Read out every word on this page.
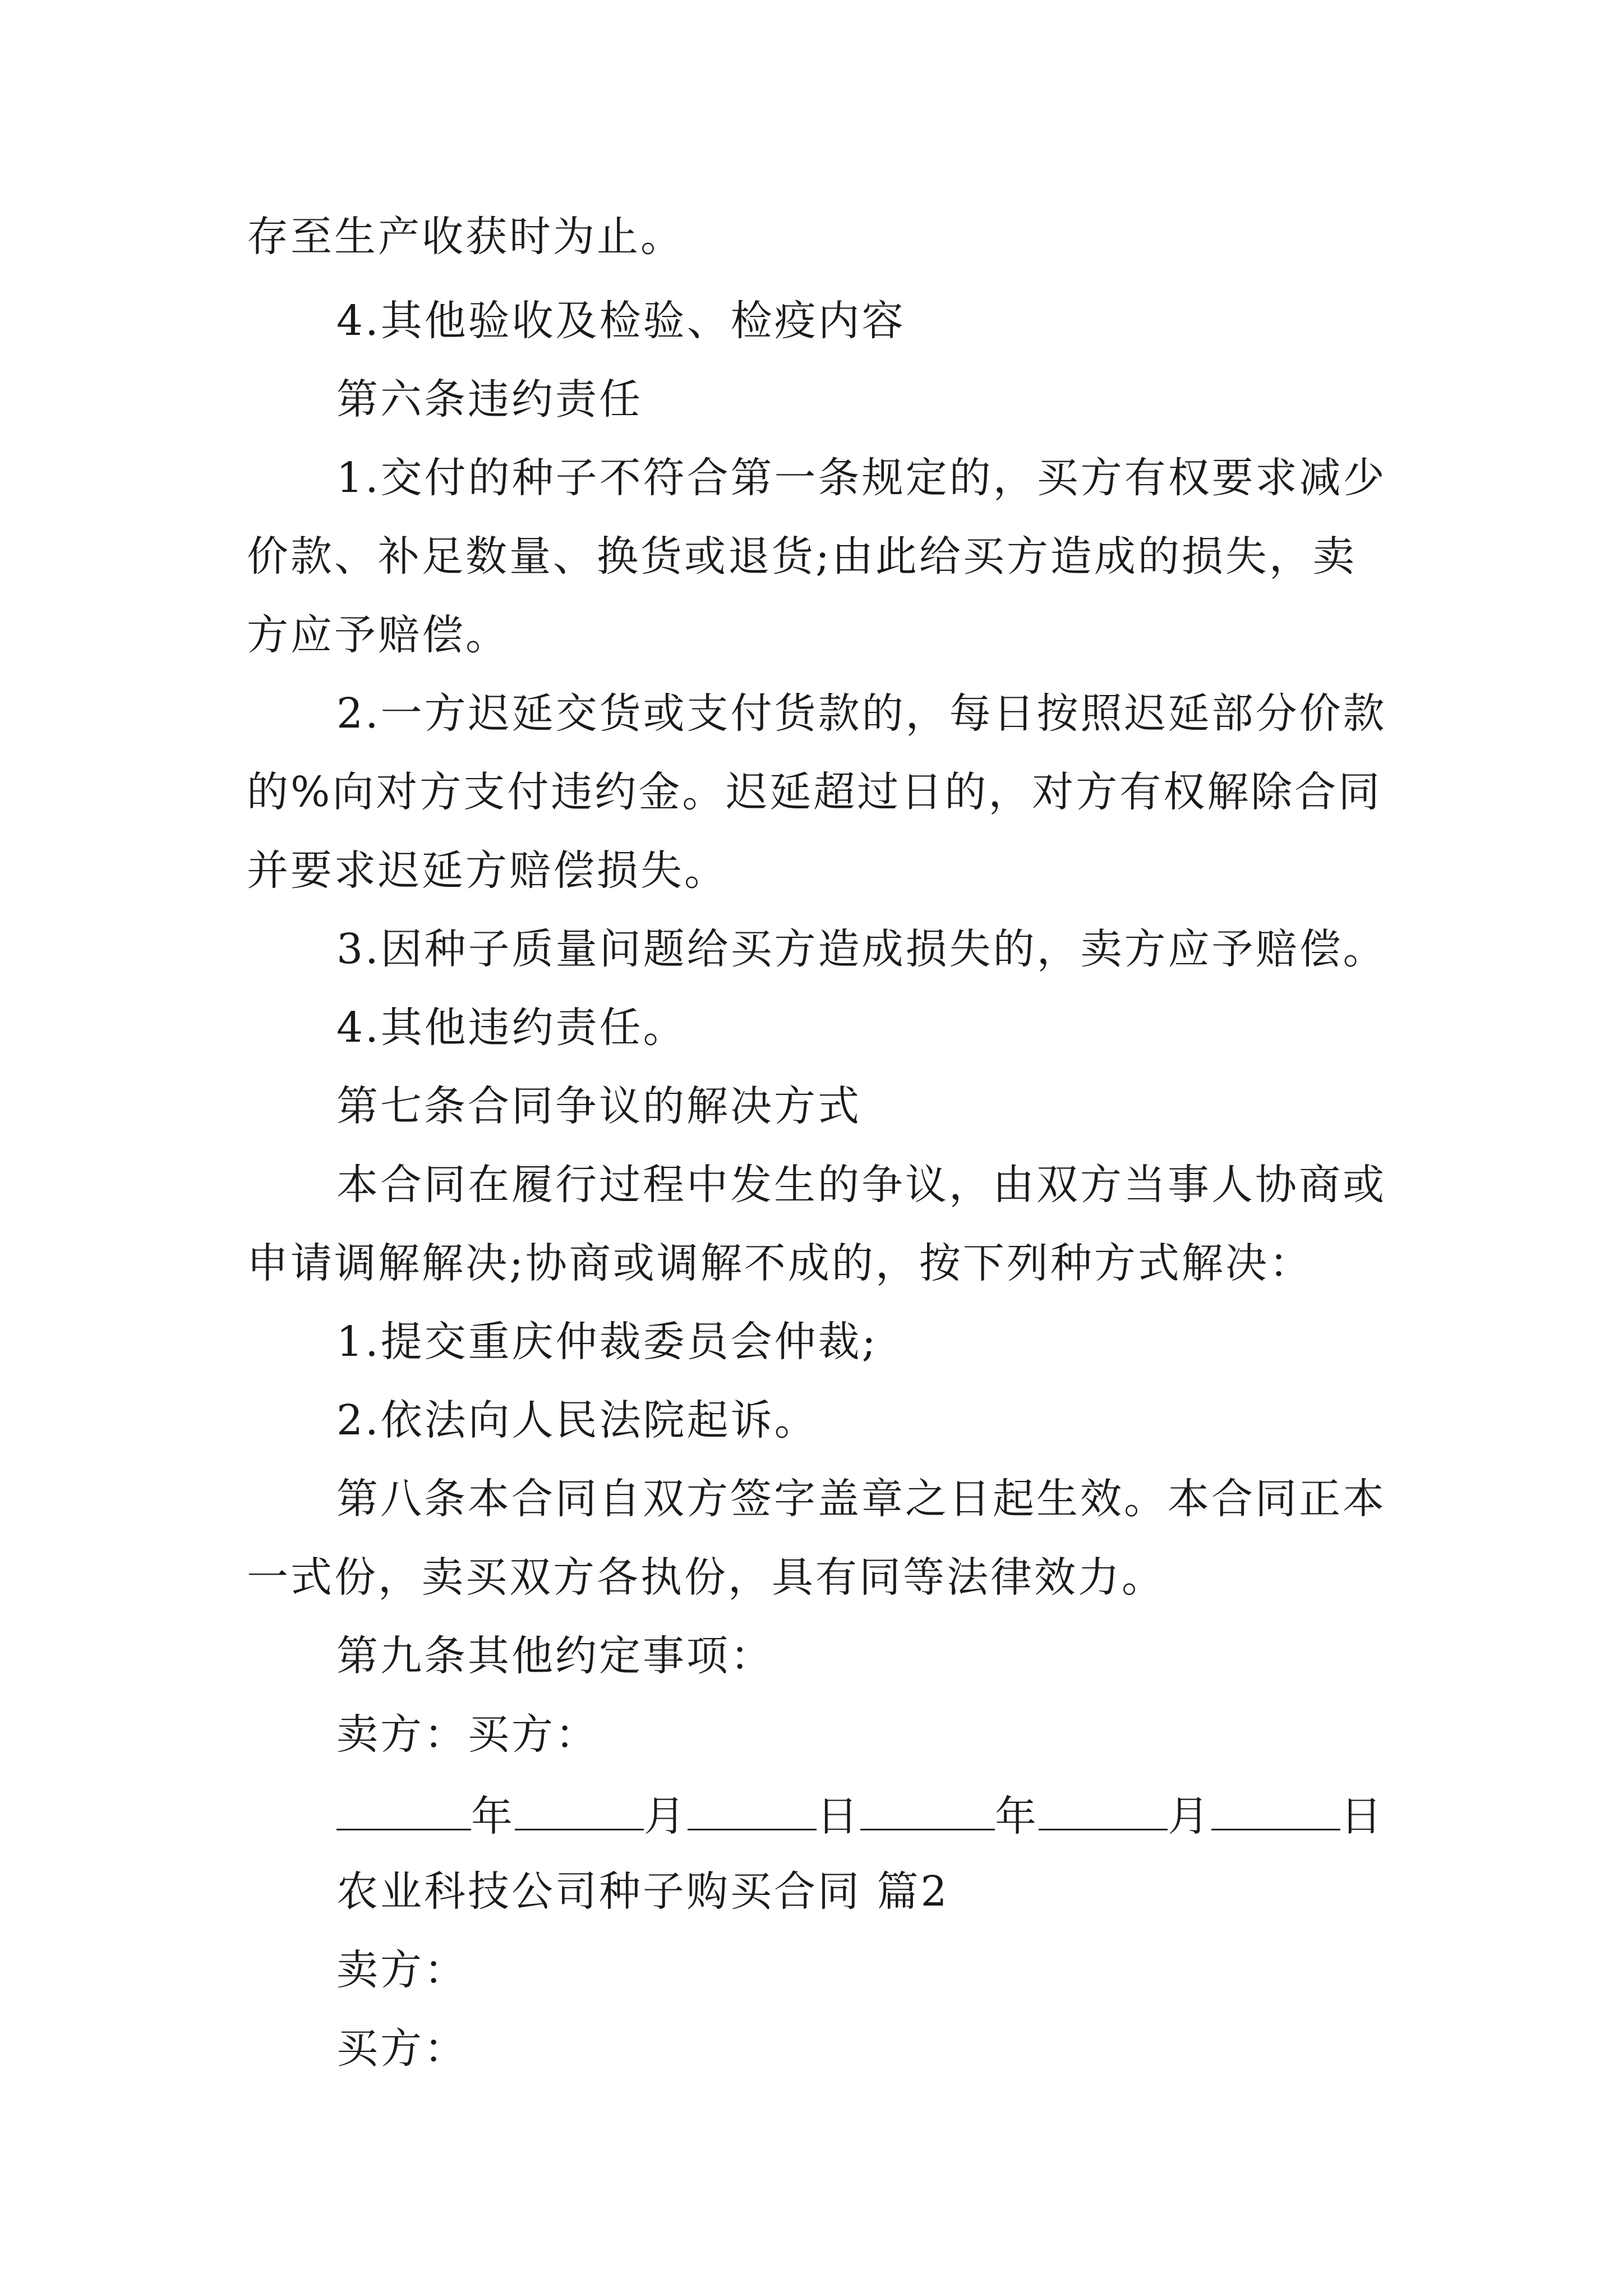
存至生产收获时为止。

4.其他验收及检验、检疫内容

第六条违约责任

1.交付的种子不符合第一条规定的，买方有权要求减少

价款、补足数量、换货或退货;由此给买方造成的损失，卖

方应予赔偿。

2.一方迟延交货或支付货款的，每日按照迟延部分价款

的%向对方支付违约金。迟延超过日的，对方有权解除合同

并要求迟延方赔偿损失。

3.因种子质量问题给买方造成损失的，卖方应予赔偿。

4.其他违约责任。

第七条合同争议的解决方式

本合同在履行过程中发生的争议，由双方当事人协商或

申请调解解决;协商或调解不成的，按下列种方式解决：

1.提交重庆仲裁委员会仲裁;

2.依法向人民法院起诉。

第八条本合同自双方签字盖章之日起生效。本合同正本

一式份，卖买双方各执份，具有同等法律效力。

第九条其他约定事项：

卖方：买方：

年	月	日	年	月	日

农业科技公司种子购买合同 篇2

卖方：

买方：
